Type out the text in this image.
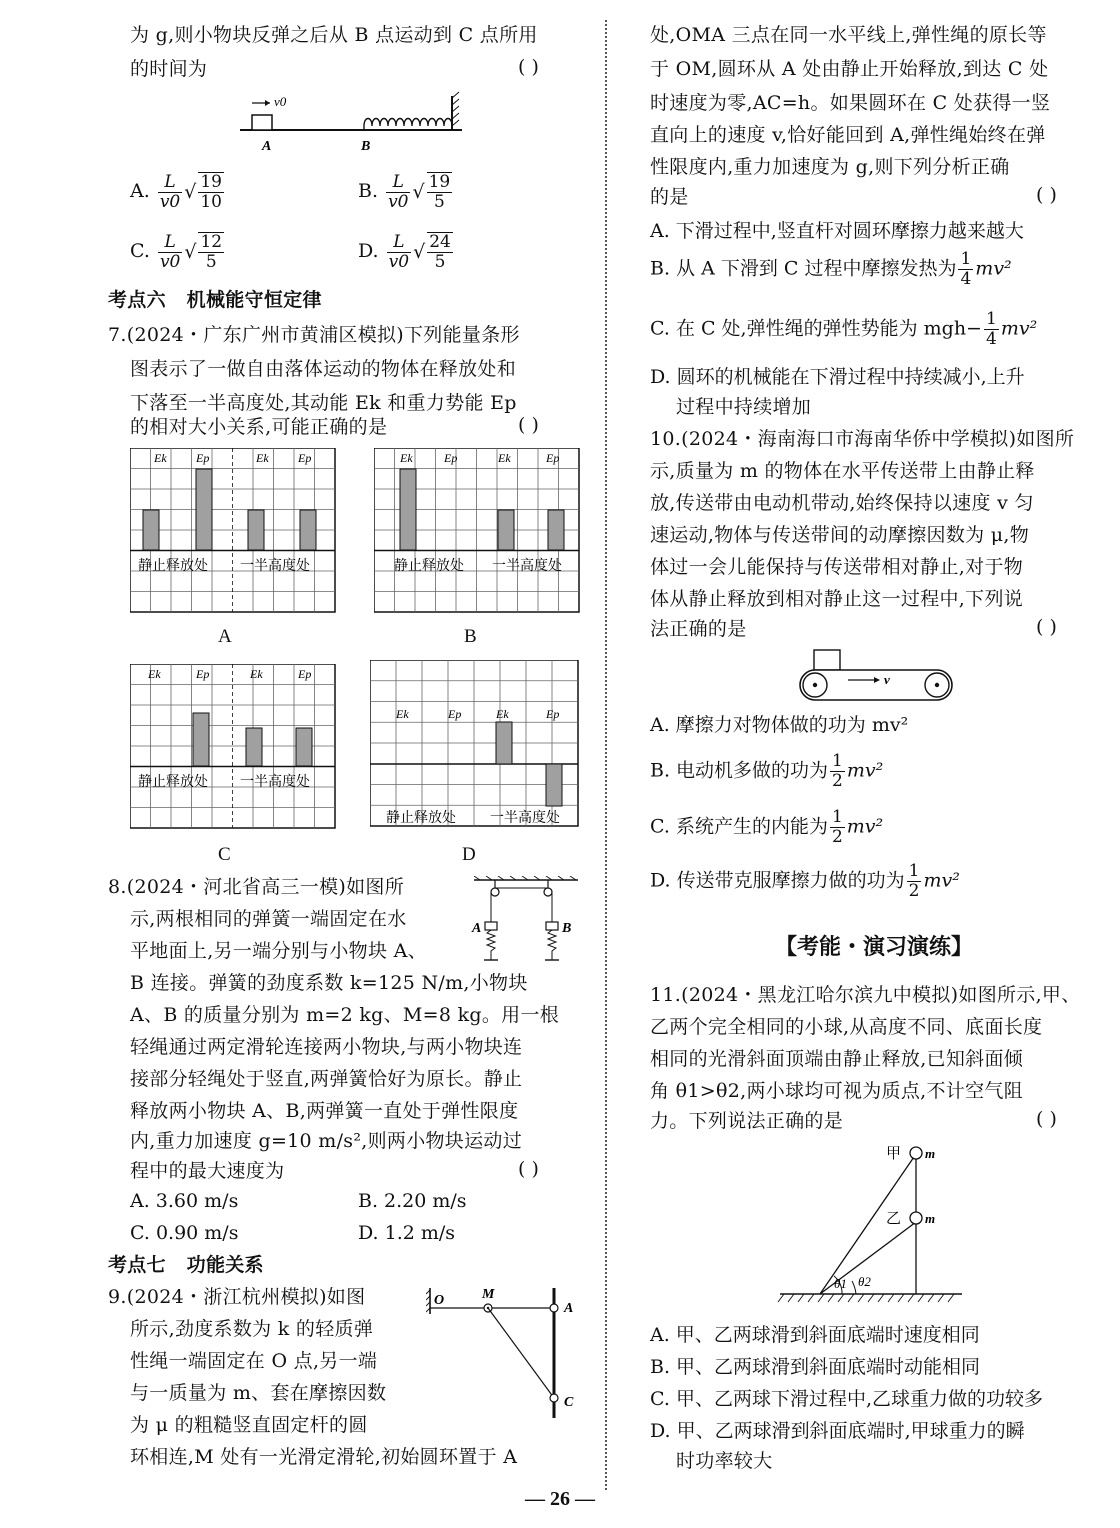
为 g,则小物块反弹之后从 B 点运动到 C 点所用
的时间为	( )
v0
A	B
A. $\frac{L}{v0}$ √ $\frac{19}{10}$	B. $\frac{L}{v0}$ √ $\frac{19}{5}$
C. $\frac{L}{v0}$ √ $\frac{12}{5}$	D. $\frac{L}{v0}$ √ $\frac{24}{5}$
考点六 机械能守恒定律
7.(2024・广东广州市黄浦区模拟)下列能量条形
图表示了一做自由落体运动的物体在释放处和
下落至一半高度处,其动能 Ek 和重力势能 Ep
的相对大小关系,可能正确的是	( )
Ek Ep	Ek Ep
静止释放处 一半高度处
A
Ek	Ep	Ek	Ep
静止释放处 一半高度处
B
Ek	Ep	Ek	Ep
静止释放处 一半高度处
C
Ek	Ep	Ek	Ep
静止释放处 一半高度处
D
8.(2024・河北省高三一模)如图所
示,两根相同的弹簧一端固定在水
平地面上,另一端分别与小物块 A、
A	B
B 连接。弹簧的劲度系数 k=125 N/m,小物块
A、B 的质量分别为 m=2 kg、M=8 kg。用一根
轻绳通过两定滑轮连接两小物块,与两小物块连
接部分轻绳处于竖直,两弹簧恰好为原长。静止
释放两小物块 A、B,两弹簧一直处于弹性限度
内,重力加速度 g=10 m/s²,则两小物块运动过
程中的最大速度为	( )
A. 3.60 m/s	B. 2.20 m/s
C. 0.90 m/s	D. 1.2 m/s
考点七 功能关系
9.(2024・浙江杭州模拟)如图
所示,劲度系数为 k 的轻质弹
性绳一端固定在 O 点,另一端
与一质量为 m、套在摩擦因数
为 μ 的粗糙竖直固定杆的圆
环相连,M 处有一光滑定滑轮,初始圆环置于 A
O	M
A
C
处,OMA 三点在同一水平线上,弹性绳的原长等
于 OM,圆环从 A 处由静止开始释放,到达 C 处
时速度为零,AC=h。如果圆环在 C 处获得一竖
直向上的速度 v,恰好能回到 A,弹性绳始终在弹
性限度内,重力加速度为 g,则下列分析正确
的是	( )
A. 下滑过程中,竖直杆对圆环摩擦力越来越大
B. 从 A 下滑到 C 过程中摩擦发热为 $\frac{1}{4} mv^2$
C. 在 C 处,弹性绳的弹性势能为 $mgh- \frac{1}{4} mv^2$
D. 圆环的机械能在下滑过程中持续减小,上升
过程中持续增加
10.(2024・海南海口市海南华侨中学模拟)如图所
示,质量为 m 的物体在水平传送带上由静止释
放,传送带由电动机带动,始终保持以速度 v 匀
速运动,物体与传送带间的动摩擦因数为 μ,物
体过一会儿能保持与传送带相对静止,对于物
体从静止释放到相对静止这一过程中,下列说
法正确的是	( )
v
A. 摩擦力对物体做的功为 mv²
B. 电动机多做的功为 $\frac{1}{2} mv^2$
C. 系统产生的内能为 $\frac{1}{2} mv^2$
D. 传送带克服摩擦力做的功为 $\frac{1}{2} mv^2$
【考能・演习演练】
11.(2024・黑龙江哈尔滨九中模拟)如图所示,甲、
乙两个完全相同的小球,从高度不同、底面长度
相同的光滑斜面顶端由静止释放,已知斜面倾
角 θ1>θ2,两小球均可视为质点,不计空气阻
力。下列说法正确的是	( )
甲 m
乙 m
θ1 θ2
A. 甲、乙两球滑到斜面底端时速度相同
B. 甲、乙两球滑到斜面底端时动能相同
C. 甲、乙两球下滑过程中,乙球重力做的功较多
D. 甲、乙两球滑到斜面底端时,甲球重力的瞬
时功率较大
— 26 —
